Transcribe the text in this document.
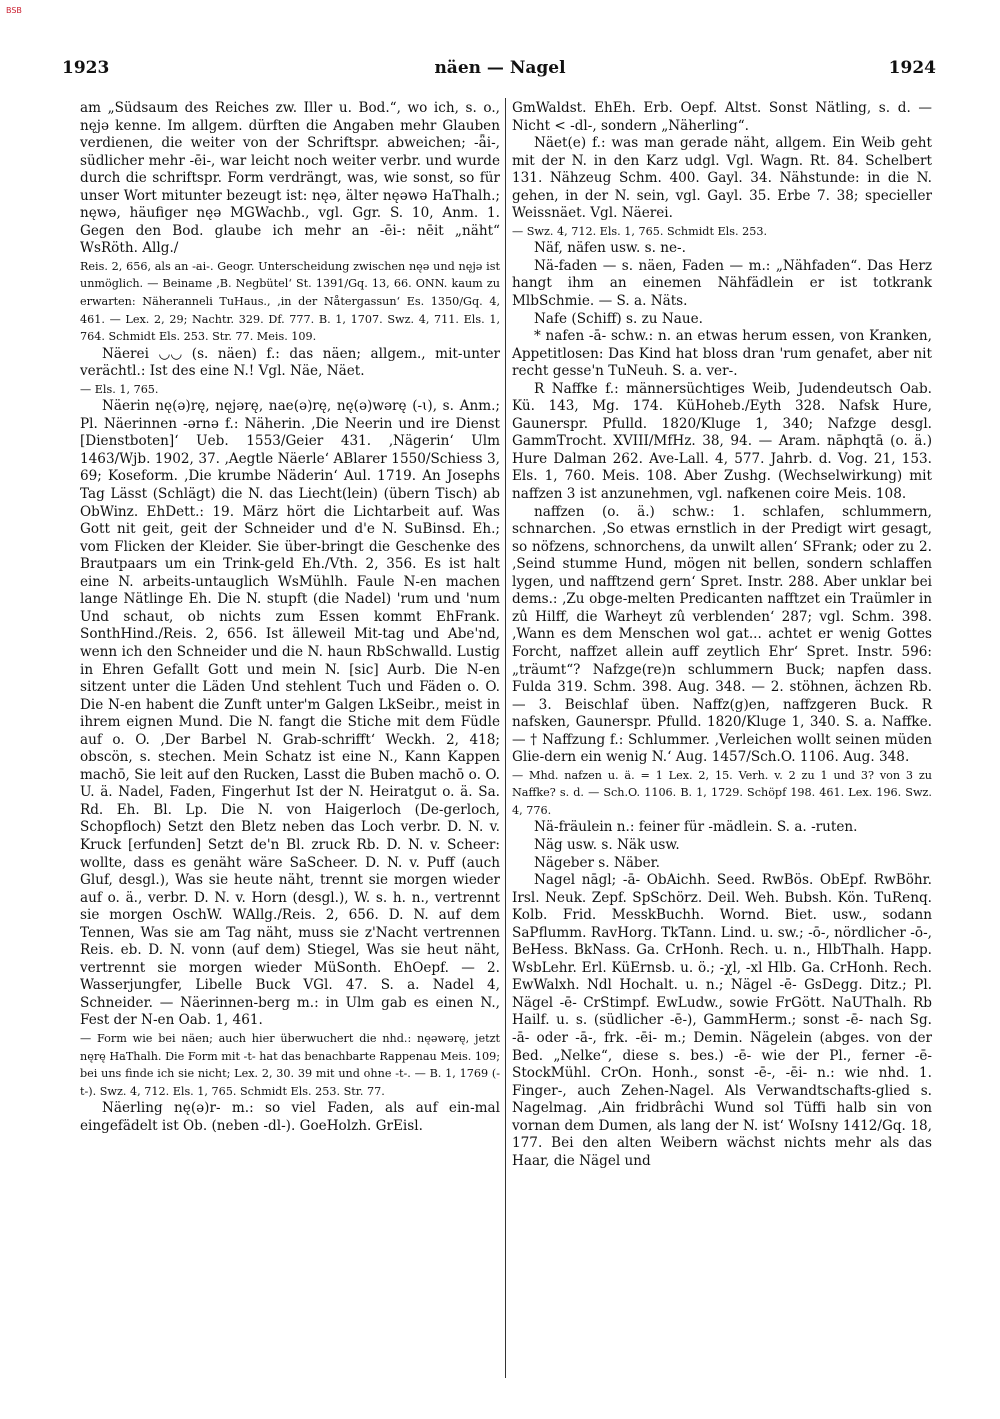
BSB
1923	näen — Nagel	1924

am „Südsaum des Reiches zw. Iller u. Bod.“, wo ich, s. o., nęjə kenne. Im allgem. dürften die Angaben mehr Glauben verdienen, die weiter von der Schriftspr. abweichen; -ǟi-, südlicher mehr -ēi-, war leicht noch weiter verbr. und wurde durch die schriftspr. Form verdrängt, was, wie sonst, so für unser Wort mitunter bezeugt ist: nęə, älter nęəwə HaThalh.; nęwə, häufiger nęə MGWachb., vgl. Ggr. S. 10, Anm. 1. Gegen den Bod. glaube ich mehr an -ēi-: nēit „näht“ WsRöth. Allg./

Reis. 2, 656, als an -ai-. Geogr. Unterscheidung zwischen nęə und nęjə ist unmöglich. — Beiname ‚B. Negbütel‘ St. 1391/Gq. 13, 66. ONN. kaum zu erwarten: Näheranneli TuHaus., ‚in der Nåtergassun‘ Es. 1350/Gq. 4, 461. — Lex. 2, 29; Nachtr. 329. Df. 777. B. 1, 1707. Swz. 4, 711. Els. 1, 764. Schmidt Els. 253. Str. 77. Meis. 109.

Näerei ◡◡ (s. näen) f.: das näen; allgem., mit-unter verächtl.: Ist des eine N.! Vgl. Näe, Näet.

— Els. 1, 765.

Näerin nę(ə)rę, nęjərę, nae(ə)rę, nę(ə)wərę (-ɩ), s. Anm.; Pl. Näerinnen -ərnə f.: Näherin. ‚Die Neerin und ire Dienst [Dienstboten]‘ Ueb. 1553/Geier 431. ‚Nägerin‘ Ulm 1463/Wjb. 1902, 37. ‚Aegtle Näerle‘ ABlarer 1550/Schiess 3, 69; Koseform. ‚Die krumbe Näderin‘ Aul. 1719. An Josephs Tag Lässt (Schlägt) die N. das Liecht(lein) (übern Tisch) ab ObWinz. EhDett.: 19. März hört die Lichtarbeit auf. Was Gott nit geit, geit der Schneider und d'e N. SuBinsd. Eh.; vom Flicken der Kleider. Sie über-bringt die Geschenke des Brautpaars um ein Trink-geld Eh./Vth. 2, 356. Es ist halt eine N. arbeits-untauglich WsMühlh. Faule N-en machen lange Nätlinge Eh. Die N. stupft (die Nadel) 'rum und 'num Und schaut, ob nichts zum Essen kommt EhFrank. SonthHind./Reis. 2, 656. Ist älleweil Mit-tag und Abe'nd, wenn ich den Schneider und die N. haun RbSchwalld. Lustig in Ehren Gefallt Gott und mein N. [sic] Aurb. Die N-en sitzent unter die Läden Und stehlent Tuch und Fäden o. O. Die N-en habent die Zunft unter'm Galgen LkSeibr., meist in ihrem eignen Mund. Die N. fangt die Stiche mit dem Füdle auf o. O. ‚Der Barbel N. Grab-schrifft‘ Weckh. 2, 418; obscön, s. stechen. Mein Schatz ist eine N., Kann Kappen machō, Sie leit auf den Rucken, Lasst die Buben machō o. O. U. ä. Nadel, Faden, Fingerhut Ist der N. Heiratgut o. ä. Sa. Rd. Eh. Bl. Lp. Die N. von Haigerloch (De-gerloch, Schopfloch) Setzt den Bletz neben das Loch verbr. D. N. v. Kruck [erfunden] Setzt de'n Bl. zruck Rb. D. N. v. Scheer: wollte, dass es genäht wäre SaScheer. D. N. v. Puff (auch Gluf, desgl.), Was sie heute näht, trennt sie morgen wieder auf o. ä., verbr. D. N. v. Horn (desgl.), W. s. h. n., vertrennt sie morgen OschW. WAllg./Reis. 2, 656. D. N. auf dem Tennen, Was sie am Tag näht, muss sie z'Nacht vertrennen Reis. eb. D. N. vonn (auf dem) Stiegel, Was sie heut näht, vertrennt sie morgen wieder MüSonth. EhOepf. — 2. Wasserjungfer, Libelle Buck VGl. 47. S. a. Nadel 4, Schneider. — Näerinnen-berg m.: in Ulm gab es einen N., Fest der N-en Oab. 1, 461.

— Form wie bei näen; auch hier überwuchert die nhd.: nęəwərę, jetzt nęrę HaThalh. Die Form mit -t- hat das benachbarte Rappenau Meis. 109; bei uns finde ich sie nicht; Lex. 2, 30. 39 mit und ohne -t-. — B. 1, 1769 (-t-). Swz. 4, 712. Els. 1, 765. Schmidt Els. 253. Str. 77.

Näerling nę(ə)r- m.: so viel Faden, als auf ein-mal eingefädelt ist Ob. (neben -dl-). GoeHolzh. GrEisl.

GmWaldst. EhEh. Erb. Oepf. Altst. Sonst Nätling, s. d. — Nicht < -dl-, sondern „Näherling“.

Näet(e) f.: was man gerade näht, allgem. Ein Weib geht mit der N. in den Karz udgl. Vgl. Wagn. Rt. 84. Schelbert 131. Nähzeug Schm. 400. Gayl. 34. Nähstunde: in die N. gehen, in der N. sein, vgl. Gayl. 35. Erbe 7. 38; specieller Weissnäet. Vgl. Näerei.

— Swz. 4, 712. Els. 1, 765. Schmidt Els. 253.

Näf, näfen usw. s. ne-.

Nä-faden — s. näen, Faden — m.: „Nähfaden“. Das Herz hangt ihm an einemen Nähfädlein er ist totkrank MlbSchmie. — S. a. Näts.

Nafe (Schiff) s. zu Naue.

* nafen -ā- schw.: n. an etwas herum essen, von Kranken, Appetitlosen: Das Kind hat bloss dran 'rum genafet, aber nit recht gesse'n TuNeuh. S. a. ver-.

R Naffke f.: männersüchtiges Weib, Judendeutsch Oab. Kü. 143, Mg. 174. KüHoheb./Eyth 328. Nafsk Hure, Gaunerspr. Pfulld. 1820/Kluge 1, 340; Nafzge desgl. GammTrocht. XVIII/MfHz. 38, 94. — Aram. nāphqtā (o. ä.) Hure Dalman 262. Ave-Lall. 4, 577. Jahrb. d. Vog. 21, 153. Els. 1, 760. Meis. 108. Aber Zushg. (Wechselwirkung) mit naffzen 3 ist anzunehmen, vgl. nafkenen coire Meis. 108.

naffzen (o. ä.) schw.: 1. schlafen, schlummern, schnarchen. ‚So etwas ernstlich in der Predigt wirt gesagt, so nöfzens, schnorchens, da unwilt allen‘ SFrank; oder zu 2. ‚Seind stumme Hund, mögen nit bellen, sondern schlaffen lygen, und nafftzend gern‘ Spret. Instr. 288. Aber unklar bei dems.: ‚Zu obge-melten Predicanten nafftzet ein Traümler in zû Hilff, die Warheyt zû verblenden‘ 287; vgl. Schm. 398. ‚Wann es dem Menschen wol gat... achtet er wenig Gottes Forcht, naffzet allein auff zeytlich Ehr‘ Spret. Instr. 596: „träumt“? Nafzge(re)n schlummern Buck; napfen dass. Fulda 319. Schm. 398. Aug. 348. — 2. stöhnen, ächzen Rb. — 3. Beischlaf üben. Naffz(g)en, naffzgeren Buck. R nafsken, Gaunerspr. Pfulld. 1820/Kluge 1, 340. S. a. Naffke. — † Naffzung f.: Schlummer. ‚Verleichen wollt seinen müden Glie-dern ein wenig N.‘ Aug. 1457/Sch.O. 1106. Aug. 348.

— Mhd. nafzen u. ä. = 1 Lex. 2, 15. Verh. v. 2 zu 1 und 3? von 3 zu Naffke? s. d. — Sch.O. 1106. B. 1, 1729. Schöpf 198. 461. Lex. 196. Swz. 4, 776.

Nä-fräulein n.: feiner für -mädlein. S. a. -ruten.

Näg usw. s. Näk usw.

Nägeber s. Näber.

Nagel nāgl; -ā- ObAichh. Seed. RwBös. ObEpf. RwBöhr. Irsl. Neuk. Zepf. SpSchörz. Deil. Weh. Bubsh. Kön. TuRenq. Kolb. Frid. MesskBuchh. Wornd. Biet. usw., sodann SaPflumm. RavHorg. TkTann. Lind. u. sw.; -ō-, nördlicher -ō-, BeHess. BkNass. Ga. CrHonh. Rech. u. n., HlbThalh. Happ. WsbLehr. Erl. KüErnsb. u. ö.; -χl, -xl Hlb. Ga. CrHonh. Rech. EwWalxh. Ndl Hochalt. u. n.; Nägel -ē- GsDegg. Ditz.; Pl. Nägel -ē- CrStimpf. EwLudw., sowie FrGött. NaUThalh. Rb Hailf. u. s. (südlicher -ē-), GammHerm.; sonst -ē- nach Sg. -ā- oder -ā-, frk. -ēi- m.; Demin. Nägelein (abges. von der Bed. „Nelke“, diese s. bes.) -ē- wie der Pl., ferner -ē- StockMühl. CrOn. Honh., sonst -ē-, -ēi- n.: wie nhd. 1. Finger-, auch Zehen-Nagel. Als Verwandtschafts-glied s. Nagelmag. ‚Ain fridbrâchi Wund sol Tüffi halb sin von vornan dem Dumen, als lang der N. ist‘ WoIsny 1412/Gq. 18, 177. Bei den alten Weibern wächst nichts mehr als das Haar, die Nägel und
